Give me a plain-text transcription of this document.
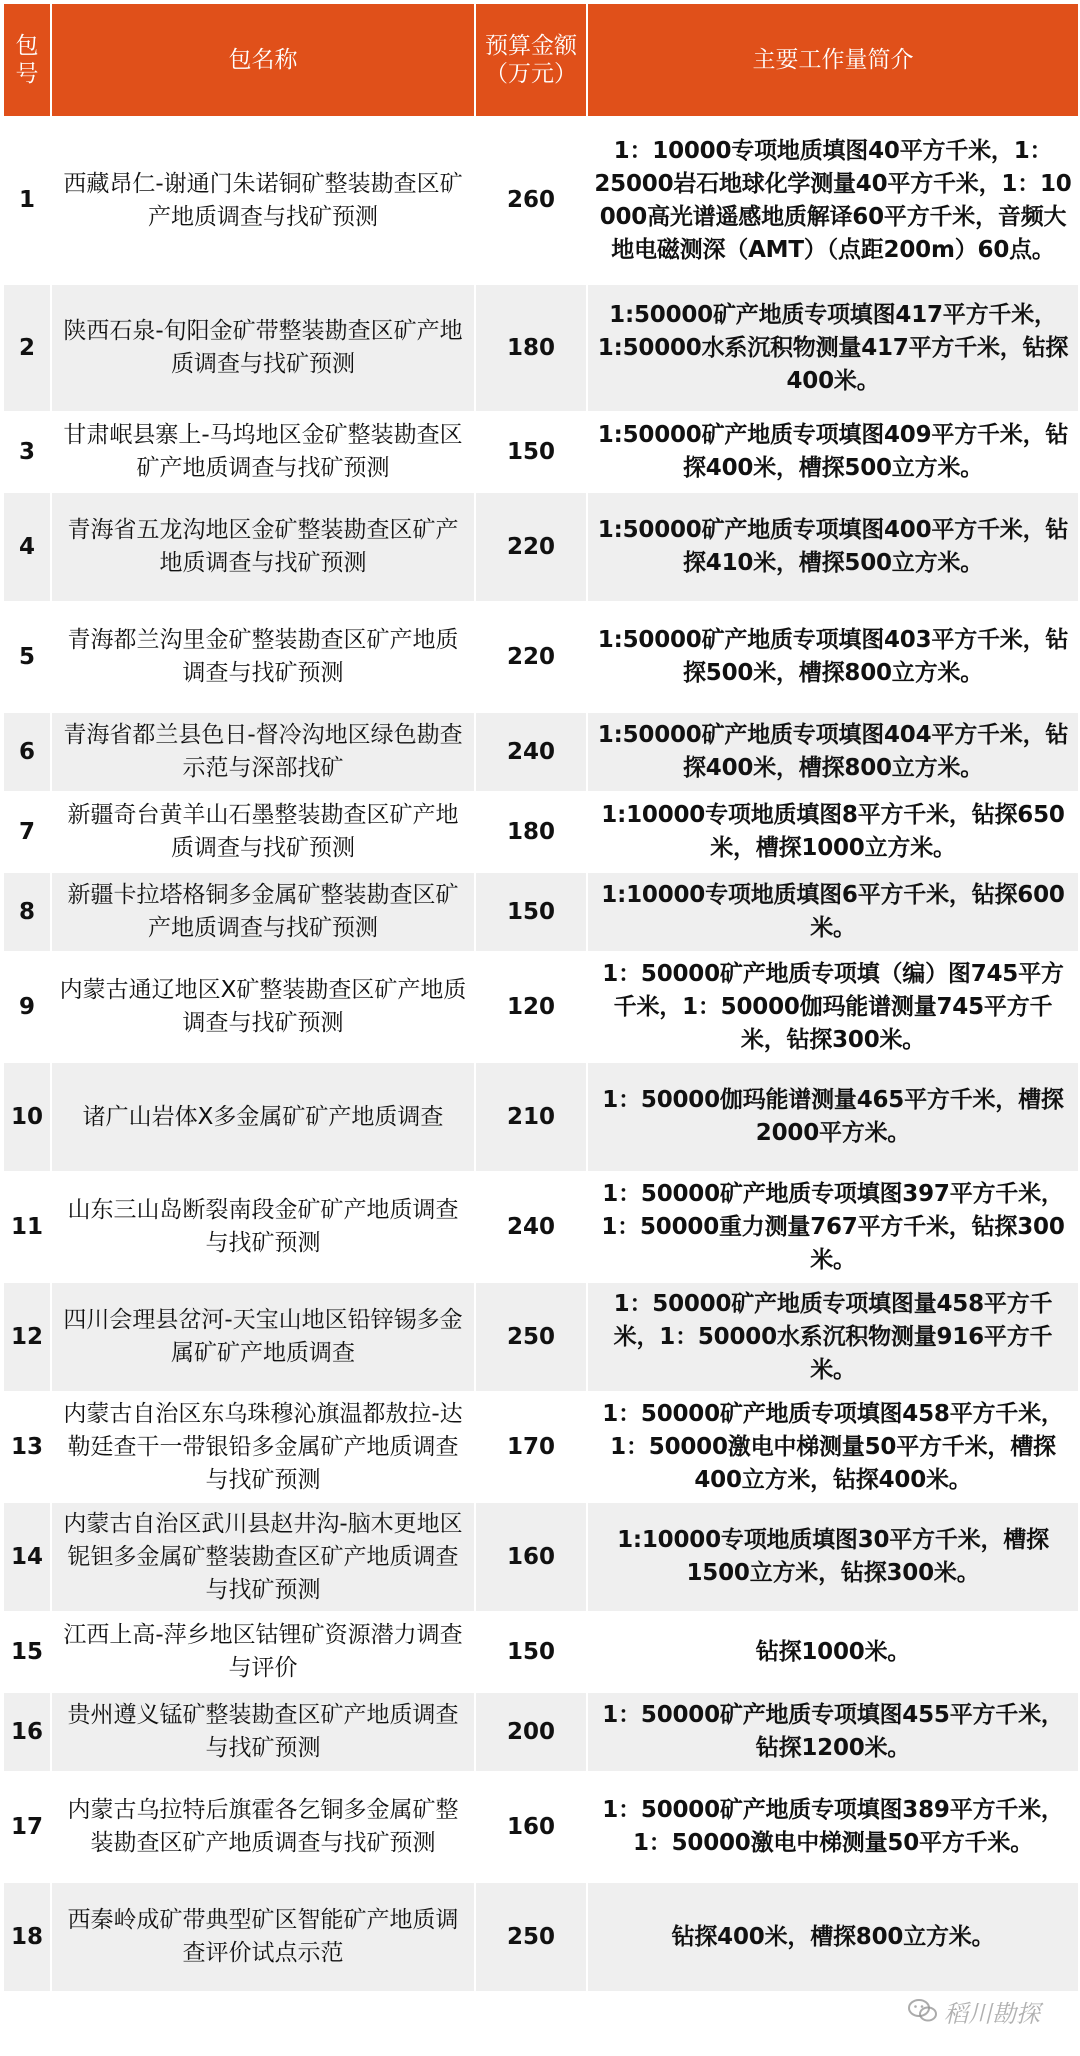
包号	包名称	预算金额（万元）	主要工作量简介
1	西藏昂仁-谢通门朱诺铜矿整装勘查区矿产地质调查与找矿预测	260	1：10000专项地质填图40平方千米，1：25000岩石地球化学测量40平方千米，1：10 000高光谱遥感地质解译60平方千米，音频大地电磁测深（AMT）（点距200m）60点。
2	陕西石泉-旬阳金矿带整装勘查区矿产地质调查与找矿预测	180	1:50000矿产地质专项填图417平方千米，1:50000水系沉积物测量417平方千米，钻探400米。
3	甘肃岷县寨上-马坞地区金矿整装勘查区矿产地质调查与找矿预测	150	1:50000矿产地质专项填图409平方千米，钻探400米，槽探500立方米。
4	青海省五龙沟地区金矿整装勘查区矿产地质调查与找矿预测	220	1:50000矿产地质专项填图400平方千米，钻探410米，槽探500立方米。
5	青海都兰沟里金矿整装勘查区矿产地质调查与找矿预测	220	1:50000矿产地质专项填图403平方千米，钻探500米，槽探800立方米。
6	青海省都兰县色日-督冷沟地区绿色勘查示范与深部找矿	240	1:50000矿产地质专项填图404平方千米，钻探400米，槽探800立方米。
7	新疆奇台黄羊山石墨整装勘查区矿产地质调查与找矿预测	180	1:10000专项地质填图8平方千米，钻探650米，槽探1000立方米。
8	新疆卡拉塔格铜多金属矿整装勘查区矿产地质调查与找矿预测	150	1:10000专项地质填图6平方千米，钻探600米。
9	内蒙古通辽地区X矿整装勘查区矿产地质调查与找矿预测	120	1：50000矿产地质专项填（编）图745平方千米，1：50000伽玛能谱测量745平方千米，钻探300米。
10	诸广山岩体X多金属矿矿产地质调查	210	1：50000伽玛能谱测量465平方千米，槽探2000平方米。
11	山东三山岛断裂南段金矿矿产地质调查与找矿预测	240	1：50000矿产地质专项填图397平方千米，1：50000重力测量767平方千米，钻探300米。
12	四川会理县岔河-天宝山地区铅锌锡多金属矿矿产地质调查	250	1：50000矿产地质专项填图量458平方千米，1：50000水系沉积物测量916平方千米。
13	内蒙古自治区东乌珠穆沁旗温都敖拉-达勒廷查干一带银铅多金属矿产地质调查与找矿预测	170	1：50000矿产地质专项填图458平方千米，1：50000激电中梯测量50平方千米，槽探400立方米，钻探400米。
14	内蒙古自治区武川县赵井沟-脑木更地区铌钽多金属矿整装勘查区矿产地质调查与找矿预测	160	1:10000专项地质填图30平方千米，槽探1500立方米，钻探300米。
15	江西上高-萍乡地区钴锂矿资源潜力调查与评价	150	钻探1000米。
16	贵州遵义锰矿整装勘查区矿产地质调查与找矿预测	200	1：50000矿产地质专项填图455平方千米，钻探1200米。
17	内蒙古乌拉特后旗霍各乞铜多金属矿整装勘查区矿产地质调查与找矿预测	160	1：50000矿产地质专项填图389平方千米，1：50000激电中梯测量50平方千米。
18	西秦岭成矿带典型矿区智能矿产地质调查评价试点示范	250	钻探400米，槽探800立方米。
稻川勘探
